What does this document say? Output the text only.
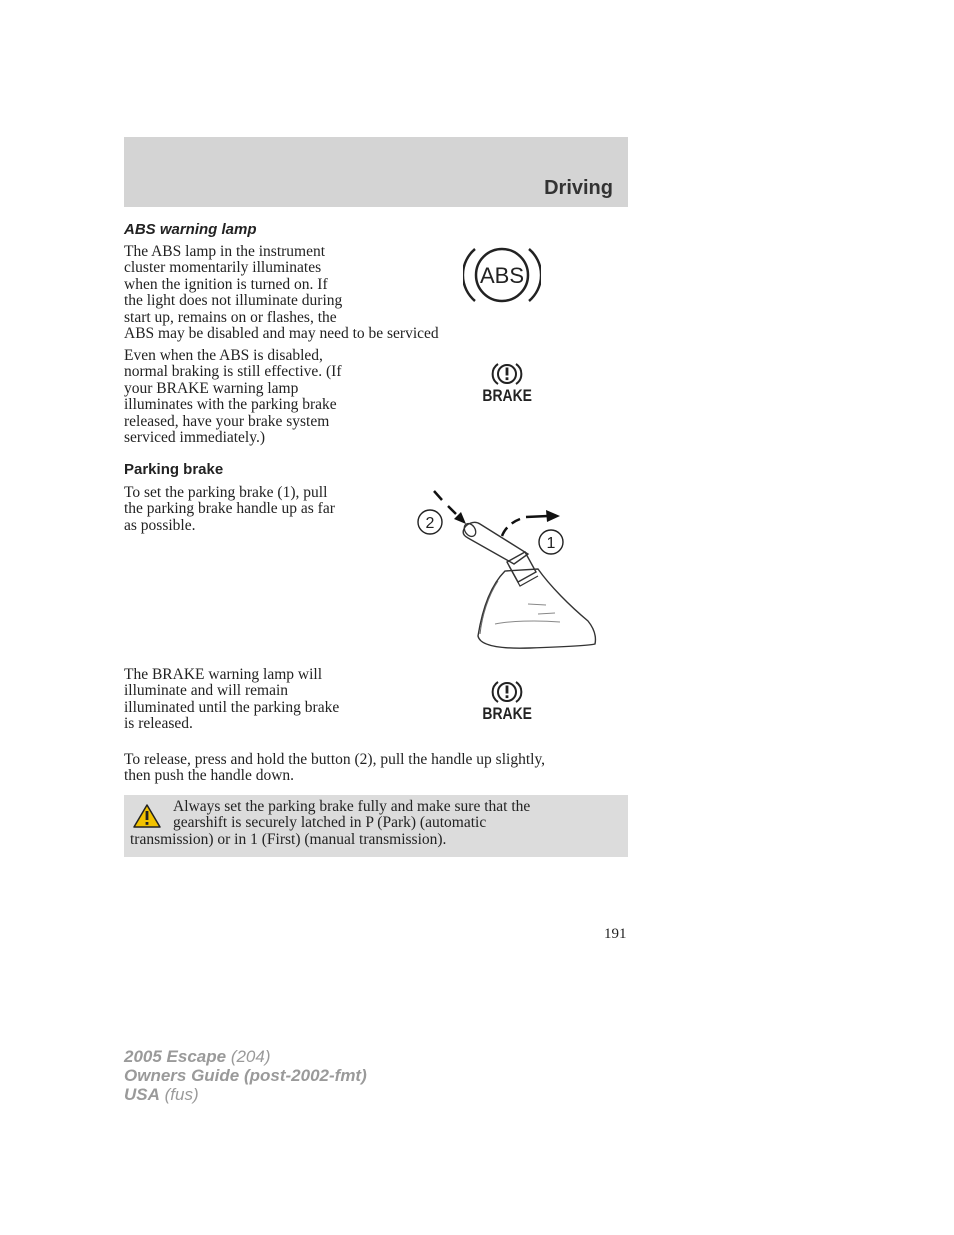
Driving
ABS warning lamp
The ABS lamp in the instrument
cluster momentarily illuminates
when the ignition is turned on. If
the light does not illuminate during
start up, remains on or flashes, the
ABS may be disabled and may need to be serviced
ABS
Even when the ABS is disabled,
normal braking is still effective. (If
your BRAKE warning lamp
illuminates with the parking brake
released, have your brake system
serviced immediately.)
BRAKE
Parking brake
To set the parking brake (1), pull
the parking brake handle up as far
as possible.	2
1
The BRAKE warning lamp will
illuminate and will remain
illuminated until the parking brake
is released.
BRAKE
To release, press and hold the button (2), pull the handle up slightly,
then push the handle down.
Always set the parking brake fully and make sure that the
gearshift is securely latched in P (Park) (automatic
transmission) or in 1 (First) (manual transmission).
191
2005 Escape (204)
Owners Guide (post-2002-fmt)
USA (fus)
